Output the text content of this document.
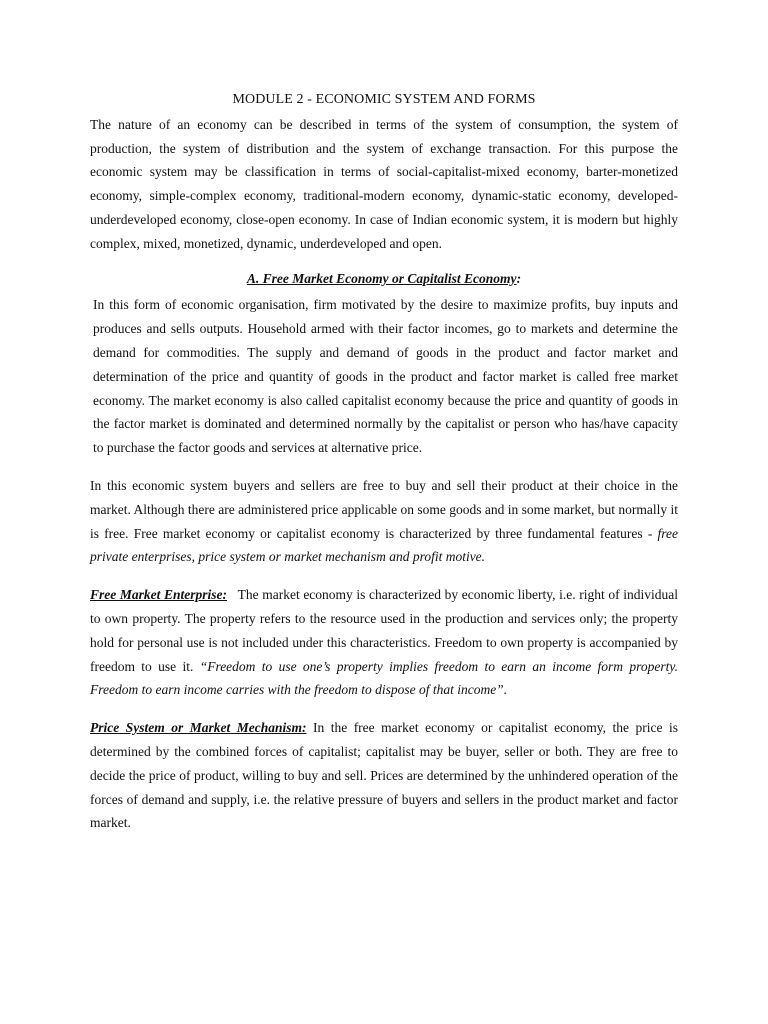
MODULE 2 - ECONOMIC SYSTEM AND FORMS

The nature of an economy can be described in terms of the system of consumption, the system of production, the system of distribution and the system of exchange transaction. For this purpose the economic system may be classification in terms of social-capitalist-mixed economy, barter-monetized economy, simple-complex economy, traditional-modern economy, dynamic-static economy, developed-underdeveloped economy, close-open economy. In case of Indian economic system, it is modern but highly complex, mixed, monetized, dynamic, underdeveloped and open.

A. Free Market Economy or Capitalist Economy:

In this form of economic organisation, firm motivated by the desire to maximize profits, buy inputs and produces and sells outputs. Household armed with their factor incomes, go to markets and determine the demand for commodities. The supply and demand of goods in the product and factor market and determination of the price and quantity of goods in the product and factor market is called free market economy. The market economy is also called capitalist economy because the price and quantity of goods in the factor market is dominated and determined normally by the capitalist or person who has/have capacity to purchase the factor goods and services at alternative price.

In this economic system buyers and sellers are free to buy and sell their product at their choice in the market. Although there are administered price applicable on some goods and in some market, but normally it is free. Free market economy or capitalist economy is characterized by three fundamental features - free private enterprises, price system or market mechanism and profit motive.

Free Market Enterprise: The market economy is characterized by economic liberty, i.e. right of individual to own property. The property refers to the resource used in the production and services only; the property hold for personal use is not included under this characteristics. Freedom to own property is accompanied by freedom to use it. “Freedom to use one’s property implies freedom to earn an income form property. Freedom to earn income carries with the freedom to dispose of that income”.

Price System or Market Mechanism: In the free market economy or capitalist economy, the price is determined by the combined forces of capitalist; capitalist may be buyer, seller or both. They are free to decide the price of product, willing to buy and sell. Prices are determined by the unhindered operation of the forces of demand and supply, i.e. the relative pressure of buyers and sellers in the product market and factor market.
